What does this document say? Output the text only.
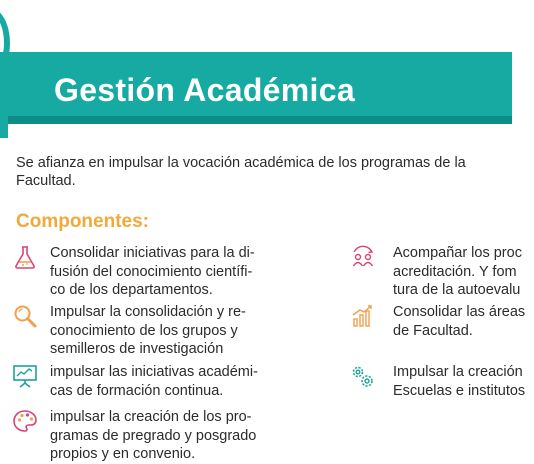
Gestión Académica

Se afianza en impulsar la vocación académica de los programas de la
Facultad.

Componentes:

Consolidar iniciativas para la di-
fusión del conocimiento científi-
co de los departamentos.

Impulsar la consolidación y re-
conocimiento de los grupos y
semilleros de investigación

impulsar las iniciativas académi-
cas de formación continua.

impulsar la creación de los pro-
gramas de pregrado y posgrado
propios y en convenio.

Acompañar los proc
acreditación. Y fom
tura de la autoevalu

Consolidar las áreas
de Facultad.

Impulsar la creación
Escuelas e institutos
